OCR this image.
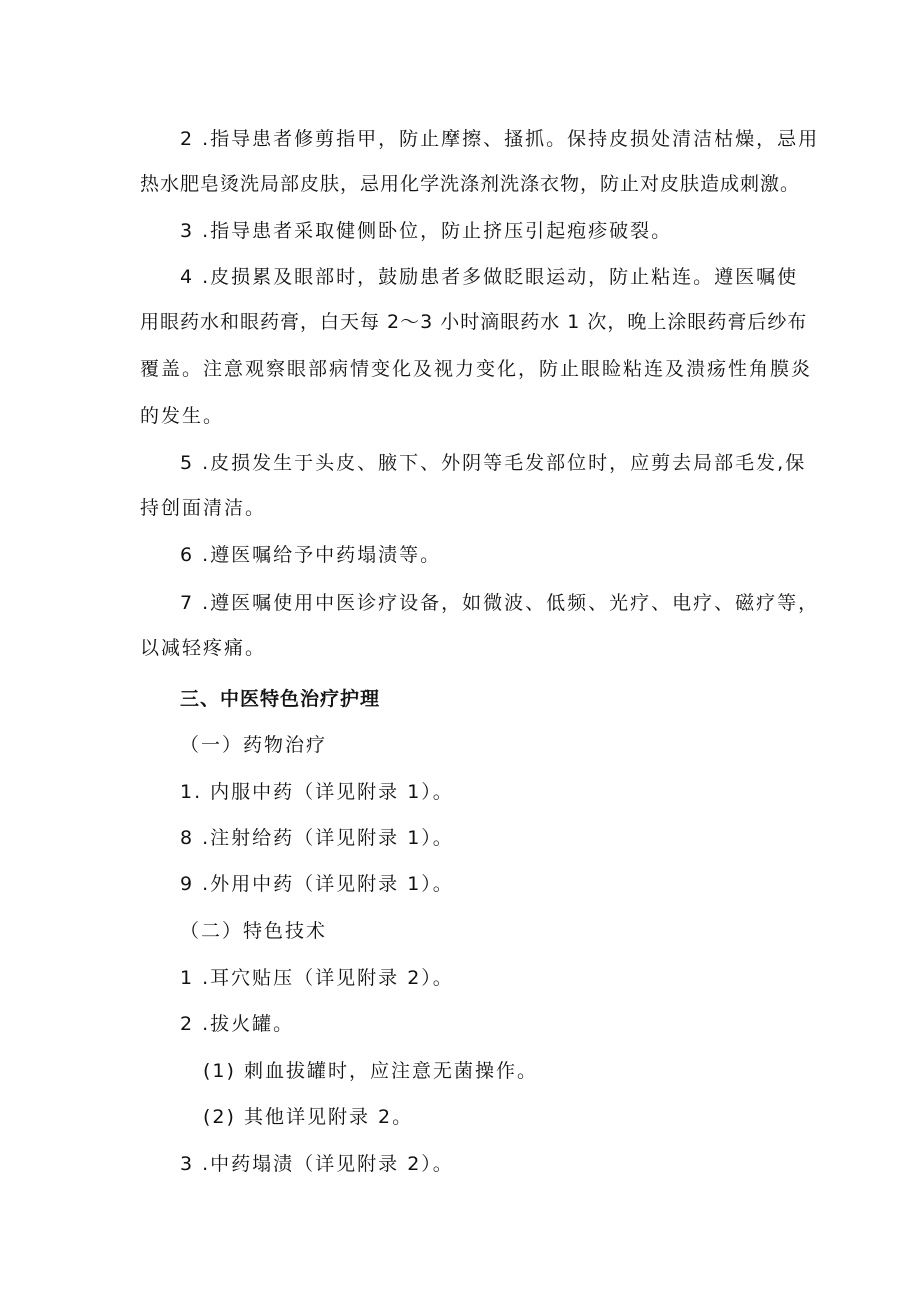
2 .指导患者修剪指甲，防止摩擦、搔抓。保持皮损处清洁枯燥，忌用
热水肥皂烫洗局部皮肤，忌用化学洗涤剂洗涤衣物，防止对皮肤造成刺激。
3 .指导患者采取健侧卧位，防止挤压引起疱疹破裂。
4 .皮损累及眼部时，鼓励患者多做眨眼运动，防止粘连。遵医嘱使
用眼药水和眼药膏，白天每 2〜3 小时滴眼药水 1 次，晚上涂眼药膏后纱布
覆盖。注意观察眼部病情变化及视力变化，防止眼睑粘连及溃疡性角膜炎
的发生。
5 .皮损发生于头皮、腋下、外阴等毛发部位时，应剪去局部毛发,保
持创面清洁。
6 .遵医嘱给予中药塌渍等。
7 .遵医嘱使用中医诊疗设备，如微波、低频、光疗、电疗、磁疗等，
以减轻疼痛。
三、中医特色治疗护理
（一）药物治疗
1. 内服中药（详见附录 1）。
8 .注射给药（详见附录 1）。
9 .外用中药（详见附录 1）。
（二）特色技术
1 .耳穴贴压（详见附录 2）。
2 .拔火罐。
(1) 刺血拔罐时，应注意无菌操作。
(2) 其他详见附录 2。
3 .中药塌渍（详见附录 2）。
